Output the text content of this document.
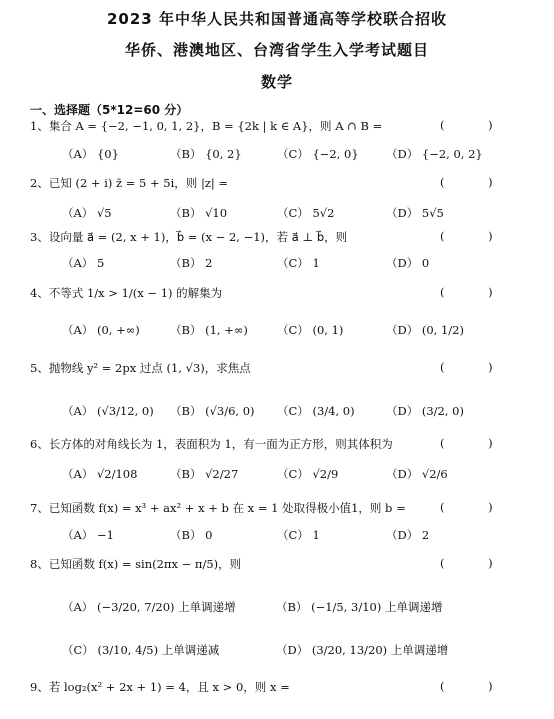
2023 年中华人民共和国普通高等学校联合招收
华侨、港澳地区、台湾省学生入学考试题目
数学
一、选择题（5*12=60 分）
1、集合 A = {−2, −1, 0, 1, 2}，B = {2k | k ∈ A}，则 A ∩ B =	( )
（A） {0}	（B） {0, 2}	（C） {−2, 0} （D） {−2, 0, 2}
2、已知 (2 + i) z̄ = 5 + 5i，则 |z| =	( )
（A） √5	（B） √10	（C） 5√2	（D） 5√5
3、设向量 a⃗ = (2, x + 1)，b⃗ = (x − 2, −1)，若 a⃗ ⊥ b⃗，则	( )
（A） 5	（B） 2	（C） 1	（D） 0
4、不等式 1/x > 1/(x − 1) 的解集为	( )
（A） (0, +∞)	（B） (1, +∞)	（C） (0, 1)	（D） (0, 1/2)
5、抛物线 y² = 2px 过点 (1, √3)，求焦点	( )
（A） (√3/12, 0) （B） (√3/6, 0) （C） (3/4, 0)	（D） (3/2, 0)
6、长方体的对角线长为 1，表面积为 1，有一面为正方形，则其体积为	( )
（A） √2/108	（B） √2/27	（C） √2/9	（D） √2/6
7、已知函数 f(x) = x³ + ax² + x + b 在 x = 1 处取得极小值1，则 b =	( )
（A） −1	（B） 0	（C） 1	（D） 2
8、已知函数 f(x) = sin(2πx − π/5)，则	( )
（A） (−3/20, 7/20) 上单调递增	（B） (−1/5, 3/10) 上单调递增
（C） (3/10, 4/5) 上单调递减	（D） (3/20, 13/20) 上单调递增
9、若 log₂(x² + 2x + 1) = 4，且 x > 0，则 x =	( )
